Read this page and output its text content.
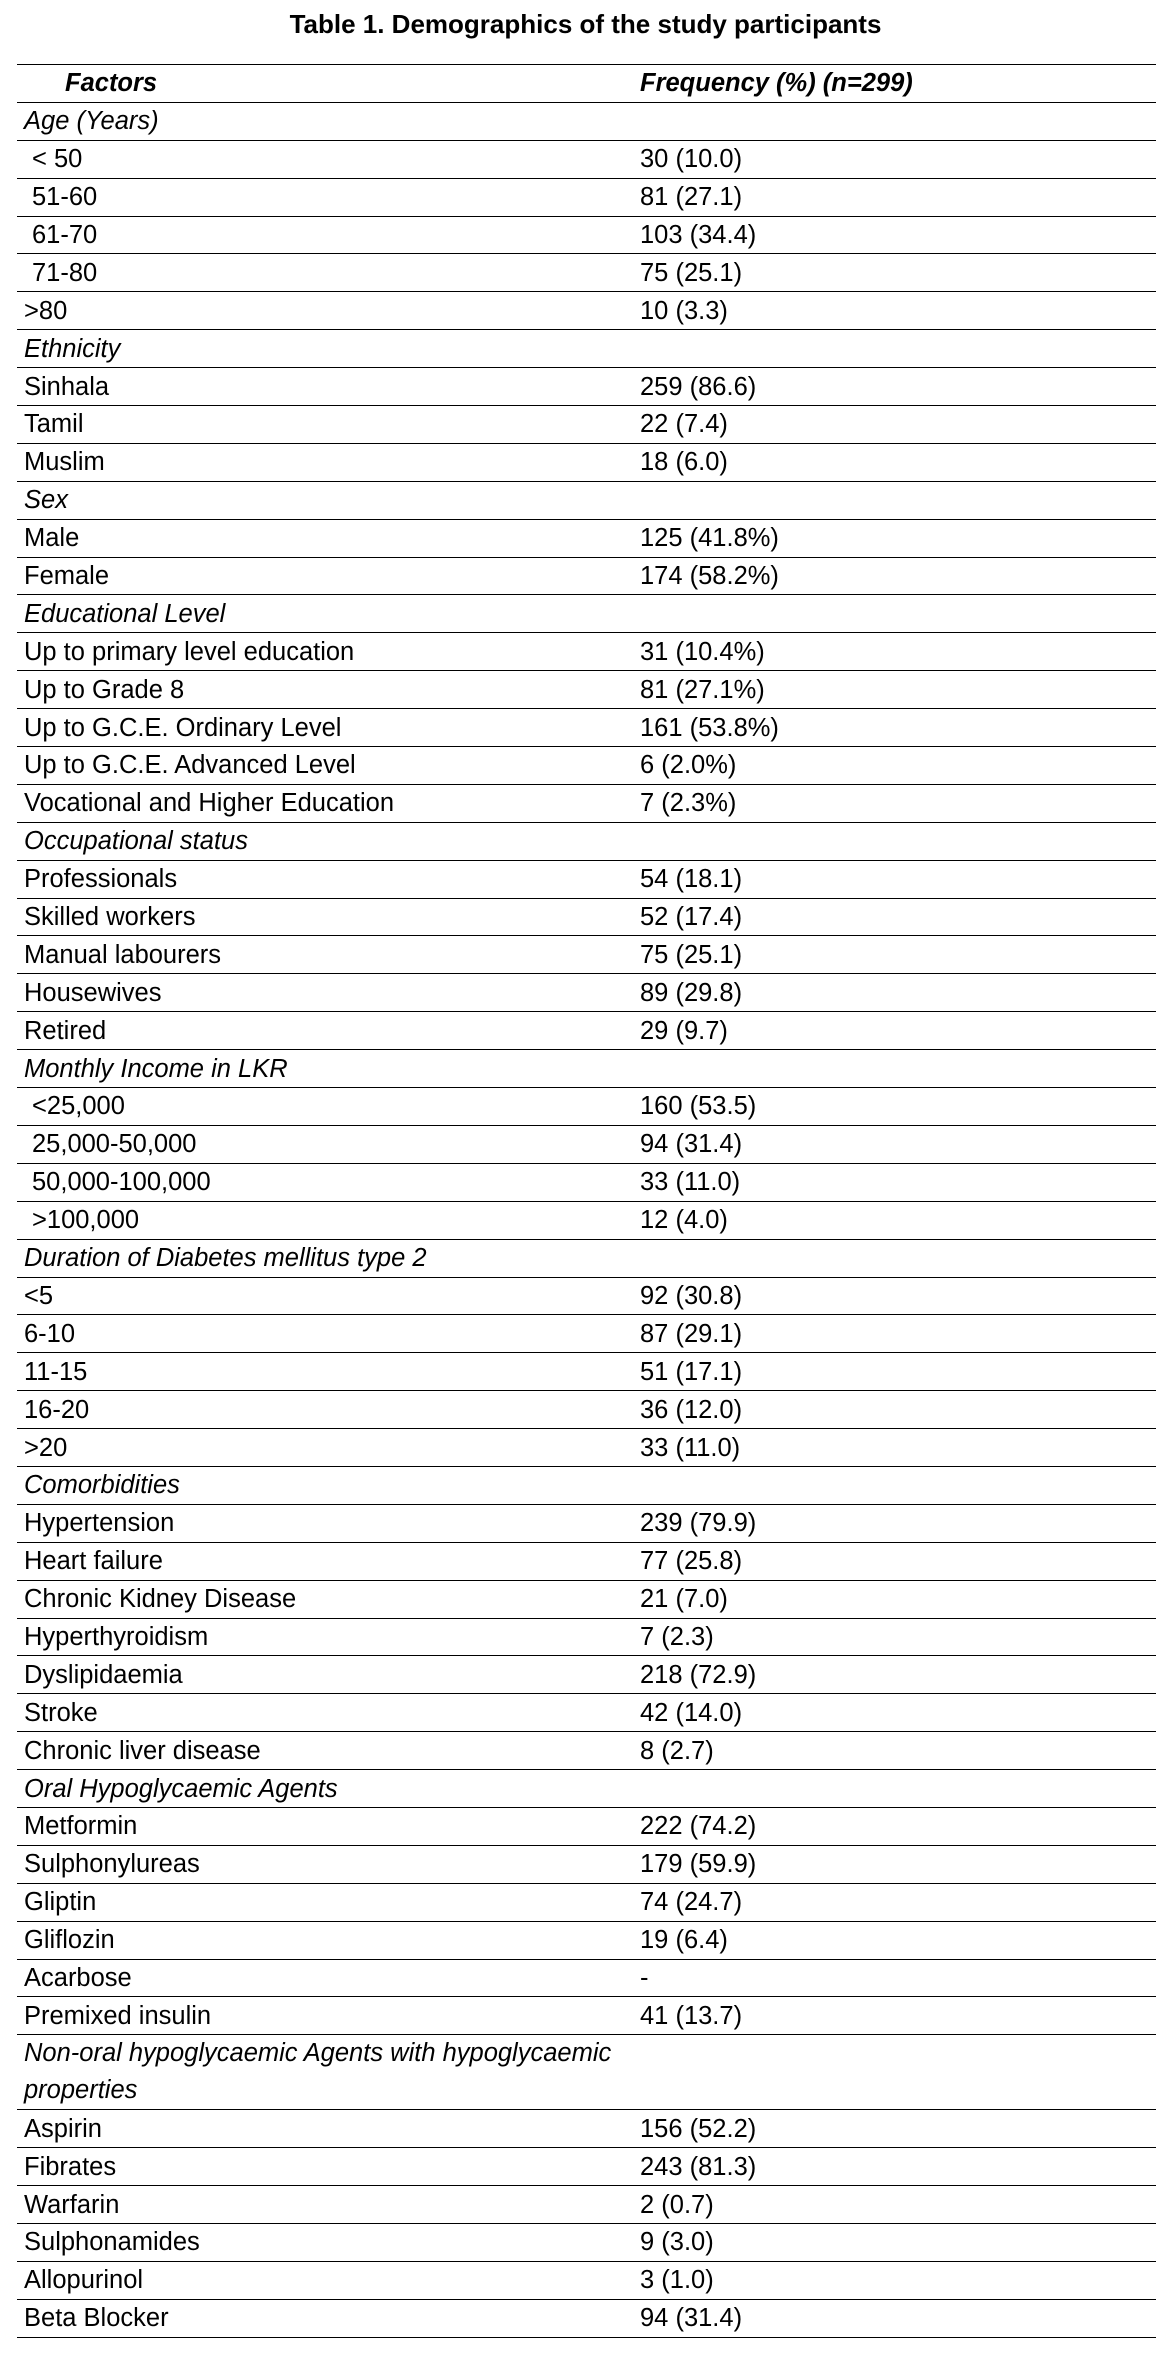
Table 1. Demographics of the study participants
Factors	Frequency (%) (n=299)
Age (Years)	
< 50	30 (10.0)
51-60	81 (27.1)
61-70	103 (34.4)
71-80	75 (25.1)
>80	10 (3.3)
Ethnicity	
Sinhala	259 (86.6)
Tamil	22 (7.4)
Muslim	18 (6.0)
Sex	
Male	125 (41.8%)
Female	174 (58.2%)
Educational Level	
Up to primary level education	31 (10.4%)
Up to Grade 8	81 (27.1%)
Up to G.C.E. Ordinary Level	161 (53.8%)
Up to G.C.E. Advanced Level	6 (2.0%)
Vocational and Higher Education	7 (2.3%)
Occupational status	
Professionals	54 (18.1)
Skilled workers	52 (17.4)
Manual labourers	75 (25.1)
Housewives	89 (29.8)
Retired	29 (9.7)
Monthly Income in LKR	
<25,000	160 (53.5)
25,000-50,000	94 (31.4)
50,000-100,000	33 (11.0)
>100,000	12 (4.0)
Duration of Diabetes mellitus type 2	
<5	92 (30.8)
6-10	87 (29.1)
11-15	51 (17.1)
16-20	36 (12.0)
>20	33 (11.0)
Comorbidities	
Hypertension	239 (79.9)
Heart failure	77 (25.8)
Chronic Kidney Disease	21 (7.0)
Hyperthyroidism	7 (2.3)
Dyslipidaemia	218 (72.9)
Stroke	42 (14.0)
Chronic liver disease	8 (2.7)
Oral Hypoglycaemic Agents	
Metformin	222 (74.2)
Sulphonylureas	179 (59.9)
Gliptin	74 (24.7)
Gliflozin	19 (6.4)
Acarbose	-
Premixed insulin	41 (13.7)
Non-oral hypoglycaemic Agents with hypoglycaemic properties	
Aspirin	156 (52.2)
Fibrates	243 (81.3)
Warfarin	2 (0.7)
Sulphonamides	9 (3.0)
Allopurinol	3 (1.0)
Beta Blocker	94 (31.4)
